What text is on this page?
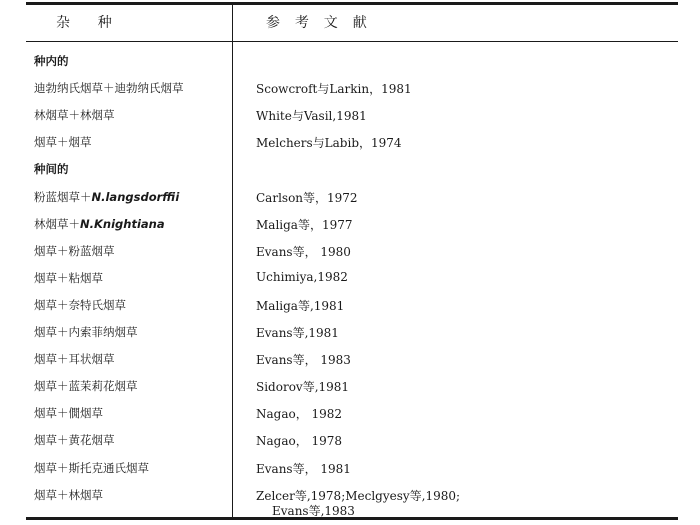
杂    种	参  考  文  献
种内的
迪勃纳氏烟草＋迪勃纳氏烟草	Scowcroft与Larkin，1981
林烟草＋林烟草	White与Vasil,1981
烟草＋烟草	Melchers与Labib，1974
种间的
粉蓝烟草＋N.langsdorffii	Carlson等，1972
林烟草＋N.Knightiana	Maliga等，1977
烟草＋粉蓝烟草	Evans等， 1980
烟草＋粘烟草	Uchimiya,1982
烟草＋奈特氏烟草	Maliga等,1981
烟草＋内索菲纳烟草	Evans等,1981
烟草＋耳状烟草	Evans等， 1983
烟草＋蓝茉莉花烟草	Sidorov等,1981
烟草＋僩烟草	Nagao， 1982
烟草＋黄花烟草	Nagao， 1978
烟草＋斯托克通氏烟草	Evans等， 1981
烟草＋林烟草	Zelcer等,1978;Meclgyesy等,1980;
Evans等,1983
